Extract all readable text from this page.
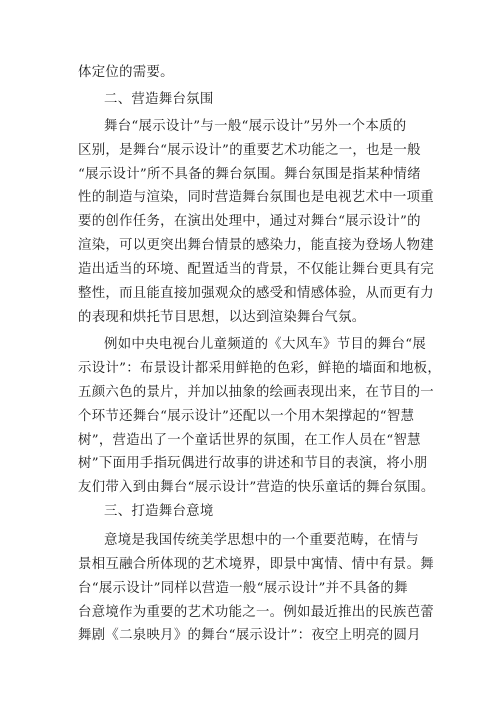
体定位的需要。
二、营造舞台氛围
舞台“展示设计”与一般“展示设计”另外一个本质的
区别，是舞台“展示设计”的重要艺术功能之一，也是一般
“展示设计”所不具备的舞台氛围。舞台氛围是指某种情绪
性的制造与渲染，同时营造舞台氛围也是电视艺术中一项重
要的创作任务，在演出处理中，通过对舞台“展示设计”的
渲染，可以更突出舞台情景的感染力，能直接为登场人物建
造出适当的环境、配置适当的背景，不仅能让舞台更具有完
整性，而且能直接加强观众的感受和情感体验，从而更有力
的表现和烘托节目思想，以达到渲染舞台气氛。
例如中央电视台儿童频道的《大风车》节目的舞台“展
示设计”：布景设计都采用鲜艳的色彩，鲜艳的墙面和地板，
五颜六色的景片，并加以抽象的绘画表现出来，在节目的一
个环节还舞台“展示设计”还配以一个用木架撑起的“智慧
树”，营造出了一个童话世界的氛围，在工作人员在“智慧
树”下面用手指玩偶进行故事的讲述和节目的表演，将小朋
友们带入到由舞台“展示设计”营造的快乐童话的舞台氛围。
三、打造舞台意境
意境是我国传统美学思想中的一个重要范畴，在情与
景相互融合所体现的艺术境界，即景中寓情、情中有景。舞
台“展示设计”同样以营造一般“展示设计”并不具备的舞
台意境作为重要的艺术功能之一。例如最近推出的民族芭蕾
舞剧《二泉映月》的舞台“展示设计”：夜空上明亮的圆月
